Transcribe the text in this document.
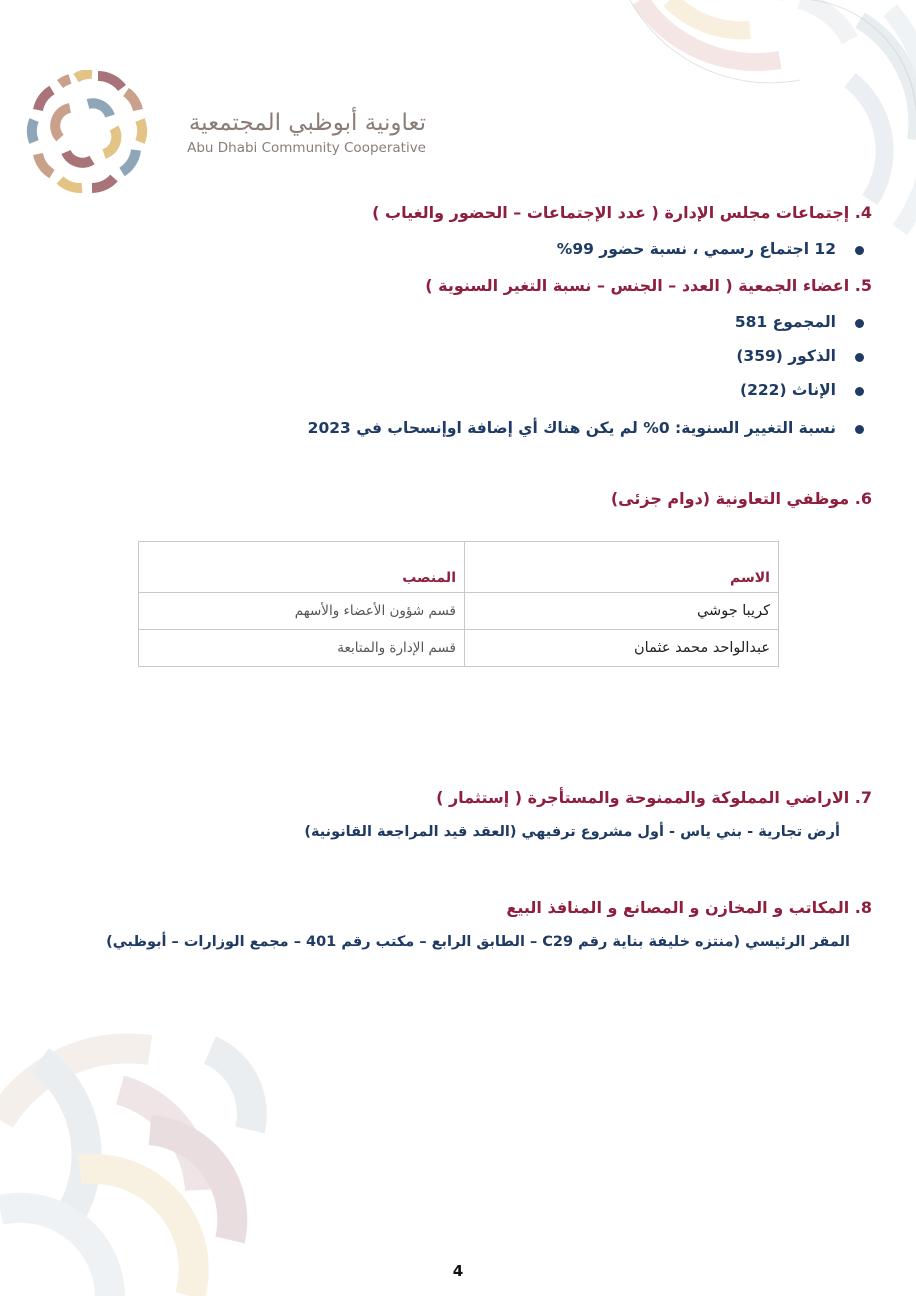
تعاونية أبوظبي المجتمعية
Abu Dhabi Community Cooperative
4. إجتماعات مجلس الإدارة ( عدد الإجتماعات – الحضور والغياب )
12 اجتماع رسمي ، نسبة حضور 99%
5. اعضاء الجمعية ( العدد – الجنس – نسبة التغير السنوية )
المجموع 581
الذكور (359)
الإناث (222)
نسبة التغيير السنوية: 0% لم يكن هناك أي إضافة اوإنسحاب في 2023
6. موظفي التعاونية (دوام جزئى)
الاسم	المنصب
كريبا جوشي	قسم شؤون الأعضاء والأسهم
عبدالواحد محمد عثمان	قسم الإدارة والمتابعة
7. الاراضي المملوكة والممنوحة والمستأجرة ( إستثمار )
أرض تجارية - بني ياس - أول مشروع ترفيهي (العقد قيد المراجعة القانونية)
8. المكاتب و المخازن و المصانع و المنافذ البيع
المقر الرئيسي (منتزه خليفة بناية رقم C29 – الطابق الرابع – مكتب رقم 401 – مجمع الوزارات – أبوظبي)
4
